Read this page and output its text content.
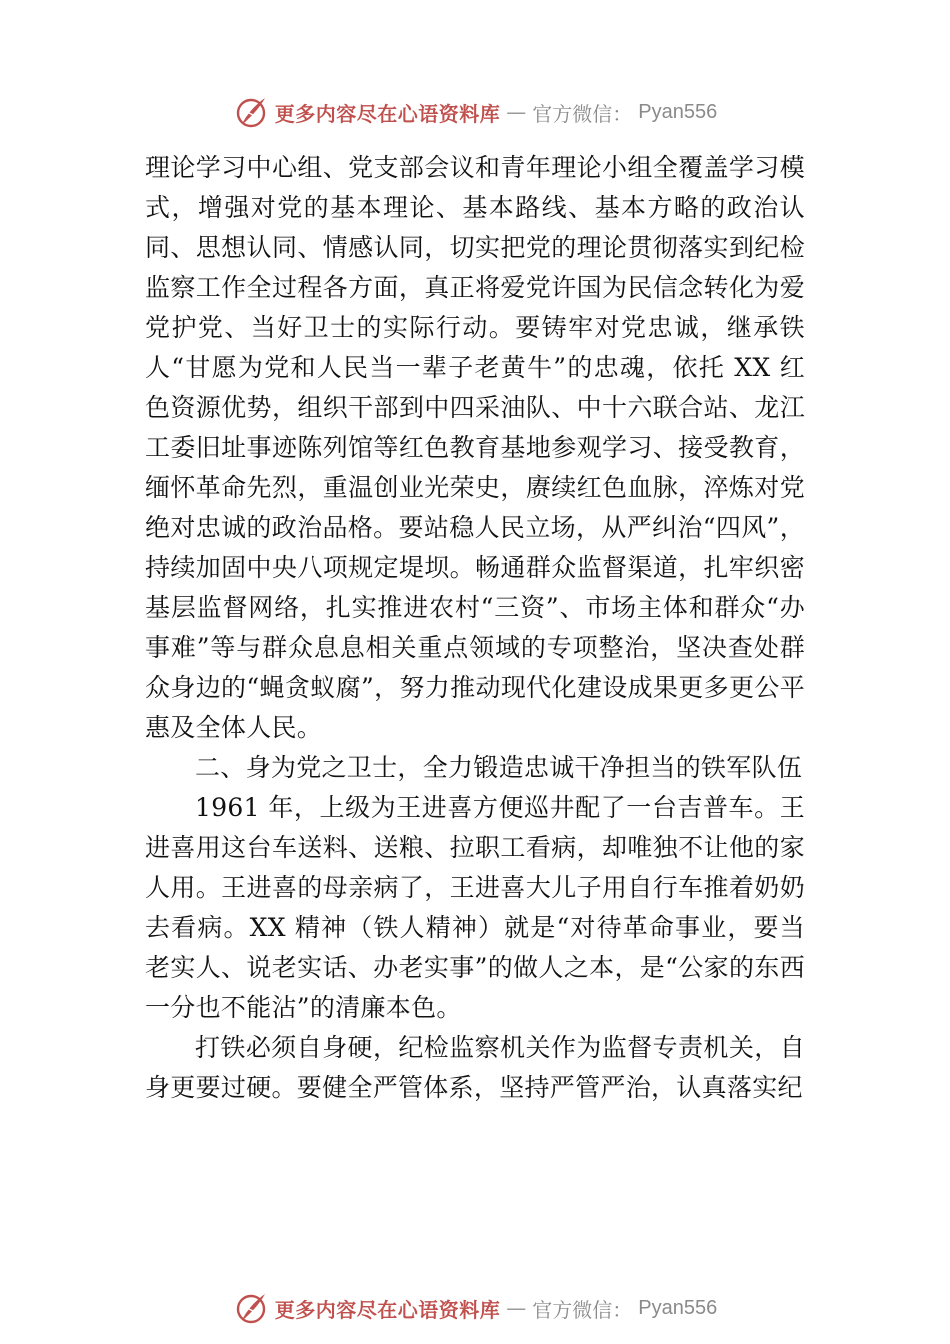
更多内容尽在心语资料库 — 官方微信： Pyan556

理论学习中心组、党支部会议和青年理论小组全覆盖学习模式，增强对党的基本理论、基本路线、基本方略的政治认同、思想认同、情感认同，切实把党的理论贯彻落实到纪检监察工作全过程各方面，真正将爱党许国为民信念转化为爱党护党、当好卫士的实际行动。要铸牢对党忠诚，继承铁人“甘愿为党和人民当一辈子老黄牛”的忠魂，依托 XX 红色资源优势，组织干部到中四采油队、中十六联合站、龙江工委旧址事迹陈列馆等红色教育基地参观学习、接受教育，缅怀革命先烈，重温创业光荣史，赓续红色血脉，淬炼对党绝对忠诚的政治品格。要站稳人民立场，从严纠治“四风”，持续加固中央八项规定堤坝。畅通群众监督渠道，扎牢织密基层监督网络，扎实推进农村“三资”、市场主体和群众“办事难”等与群众息息相关重点领域的专项整治，坚决查处群众身边的“蝇贪蚁腐”，努力推动现代化建设成果更多更公平惠及全体人民。

二、身为党之卫士，全力锻造忠诚干净担当的铁军队伍

1961 年，上级为王进喜方便巡井配了一台吉普车。王进喜用这台车送料、送粮、拉职工看病，却唯独不让他的家人用。王进喜的母亲病了，王进喜大儿子用自行车推着奶奶去看病。XX 精神（铁人精神）就是“对待革命事业，要当老实人、说老实话、办老实事”的做人之本，是“公家的东西一分也不能沾”的清廉本色。

打铁必须自身硬，纪检监察机关作为监督专责机关，自身更要过硬。要健全严管体系，坚持严管严治，认真落实纪

更多内容尽在心语资料库 — 官方微信： Pyan556
